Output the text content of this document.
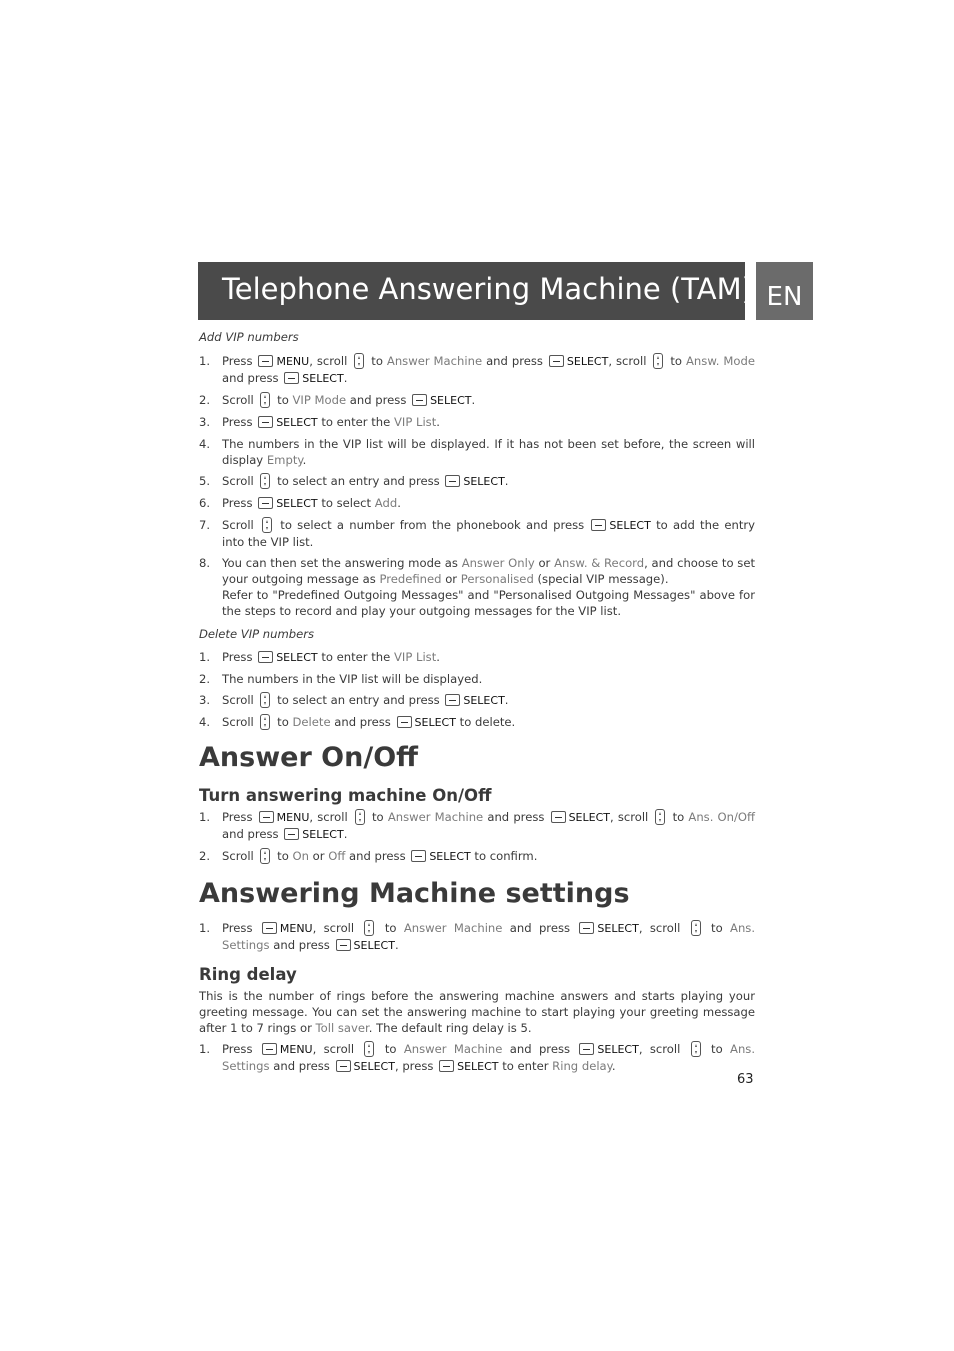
Telephone Answering Machine (TAM) EN

Add VIP numbers

1. Press MENU, scroll to Answer Machine and press SELECT, scroll to Answ. Mode and press SELECT.
2. Scroll to VIP Mode and press SELECT.
3. Press SELECT to enter the VIP List.
4. The numbers in the VIP list will be displayed. If it has not been set before, the screen will display Empty.
5. Scroll to select an entry and press SELECT.
6. Press SELECT to select Add.
7. Scroll to select a number from the phonebook and press SELECT to add the entry into the VIP list.
8. You can then set the answering mode as Answer Only or Answ. & Record, and choose to set your outgoing message as Predefined or Personalised (special VIP message).
Refer to "Predefined Outgoing Messages" and "Personalised Outgoing Messages" above for the steps to record and play your outgoing messages for the VIP list.

Delete VIP numbers

1. Press SELECT to enter the VIP List.
2. The numbers in the VIP list will be displayed.
3. Scroll to select an entry and press SELECT.
4. Scroll to Delete and press SELECT to delete.
Answer On/Off
Turn answering machine On/Off
1. Press MENU, scroll to Answer Machine and press SELECT, scroll to Ans. On/Off and press SELECT.
2. Scroll to On or Off and press SELECT to confirm.
Answering Machine settings
1. Press MENU, scroll	to Answer Machine and press SELECT, scroll	to Ans. Settings and press SELECT.
Ring delay

This is the number of rings before the answering machine answers and starts playing your greeting message. You can set the answering machine to start playing your greeting message after 1 to 7 rings or Toll saver. The default ring delay is 5.

1. Press MENU, scroll	to Answer Machine and press SELECT, scroll	to Ans. Settings and press SELECT, press SELECT to enter Ring delay.
63
